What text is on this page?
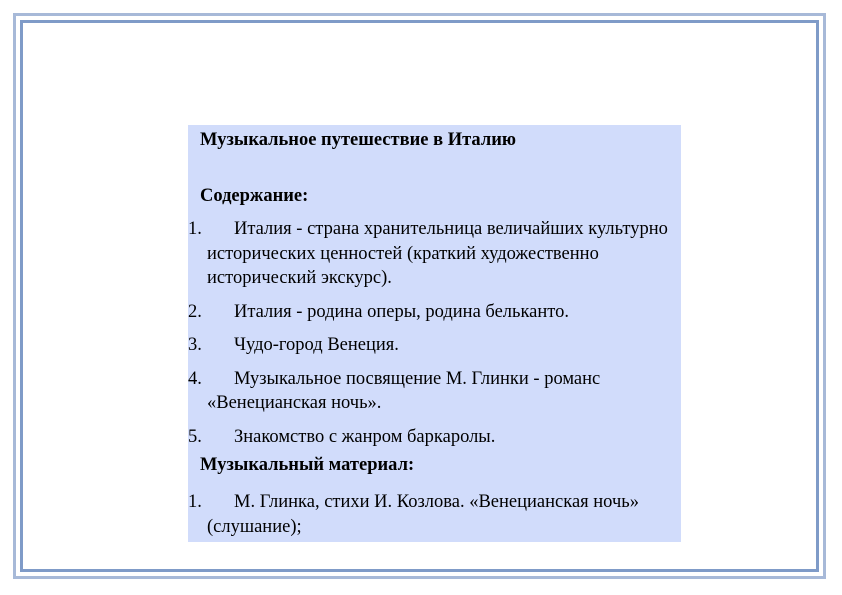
Музыкальное путешествие в Италию
Содержание:
1. Италия - страна хранительница величайших культурно исторических ценностей (краткий художественно исторический экскурс).
2. Италия - родина оперы, родина бельканто.
3. Чудо-город Венеция.
4. Музыкальное посвящение М. Глинки - романс «Венецианская ночь».
5. Знакомство с жанром баркаролы.
Музыкальный материал:
1. М. Глинка, стихи И. Козлова. «Венецианская ночь» (слушание);
